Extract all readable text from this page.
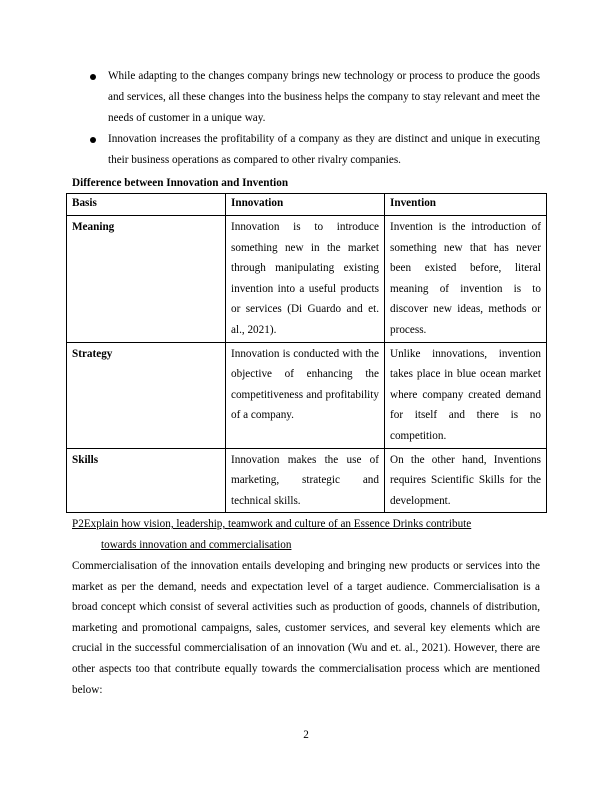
While adapting to the changes company brings new technology or process to produce the goods and services, all these changes into the business helps the company to stay relevant and meet the needs of customer in a unique way.
Innovation increases the profitability of a company as they are distinct and unique in executing their business operations as compared to other rivalry companies.
Difference between Innovation and Invention
Basis	Innovation	Invention
Meaning	Innovation is to introduce something new in the market through manipulating existing invention into a useful products or services (Di Guardo and et. al., 2021).	Invention is the introduction of something new that has never been existed before, literal meaning of invention is to discover new ideas, methods or process.
Strategy	Innovation is conducted with the objective of enhancing the competitiveness and profitability of a company.	Unlike innovations, invention takes place in blue ocean market where company created demand for itself and there is no competition.
Skills	Innovation makes the use of marketing, strategic and technical skills.	On the other hand, Inventions requires Scientific Skills for the development.
P2Explain how vision, leadership, teamwork and culture of an Essence Drinks contribute
towards innovation and commercialisation

Commercialisation of the innovation entails developing and bringing new products or services into the market as per the demand, needs and expectation level of a target audience. Commercialisation is a broad concept which consist of several activities such as production of goods, channels of distribution, marketing and promotional campaigns, sales, customer services, and several key elements which are crucial in the successful commercialisation of an innovation (Wu and et. al., 2021). However, there are other aspects too that contribute equally towards the commercialisation process which are mentioned below:

2
